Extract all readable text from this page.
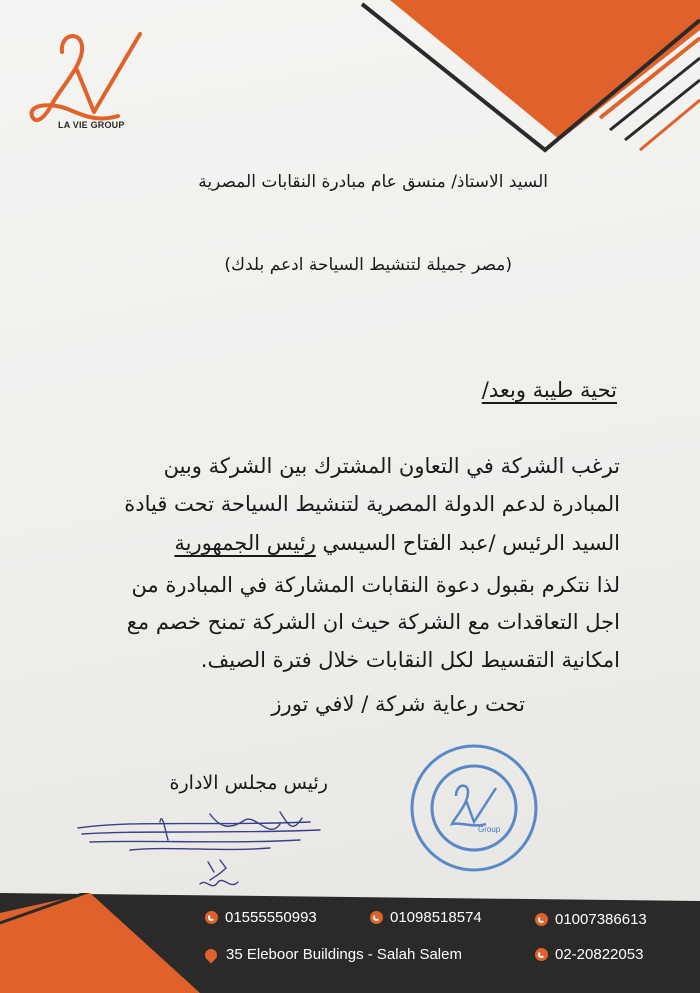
LA VIE GROUP
السيد الاستاذ/ منسق عام مبادرة النقابات المصرية
(مصر جميلة لتنشيط السياحة ادعم بلدك)
تحية طيبة وبعد/
ترغب الشركة في التعاون المشترك بين الشركة وبين
المبادرة لدعم الدولة المصرية لتنشيط السياحة تحت قيادة
السيد الرئيس /عبد الفتاح السيسي رئيس الجمهورية
لذا نتكرم بقبول دعوة النقابات المشاركة في المبادرة من
اجل التعاقدات مع الشركة حيث ان الشركة تمنح خصم مع
امكانية التقسيط لكل النقابات خلال فترة الصيف.
تحت رعاية شركة / لافي تورز
رئيس مجلس الادارة
Group
01555550993	01098518574	01007386613
35 Eleboor Buildings - Salah Salem	02-20822053
